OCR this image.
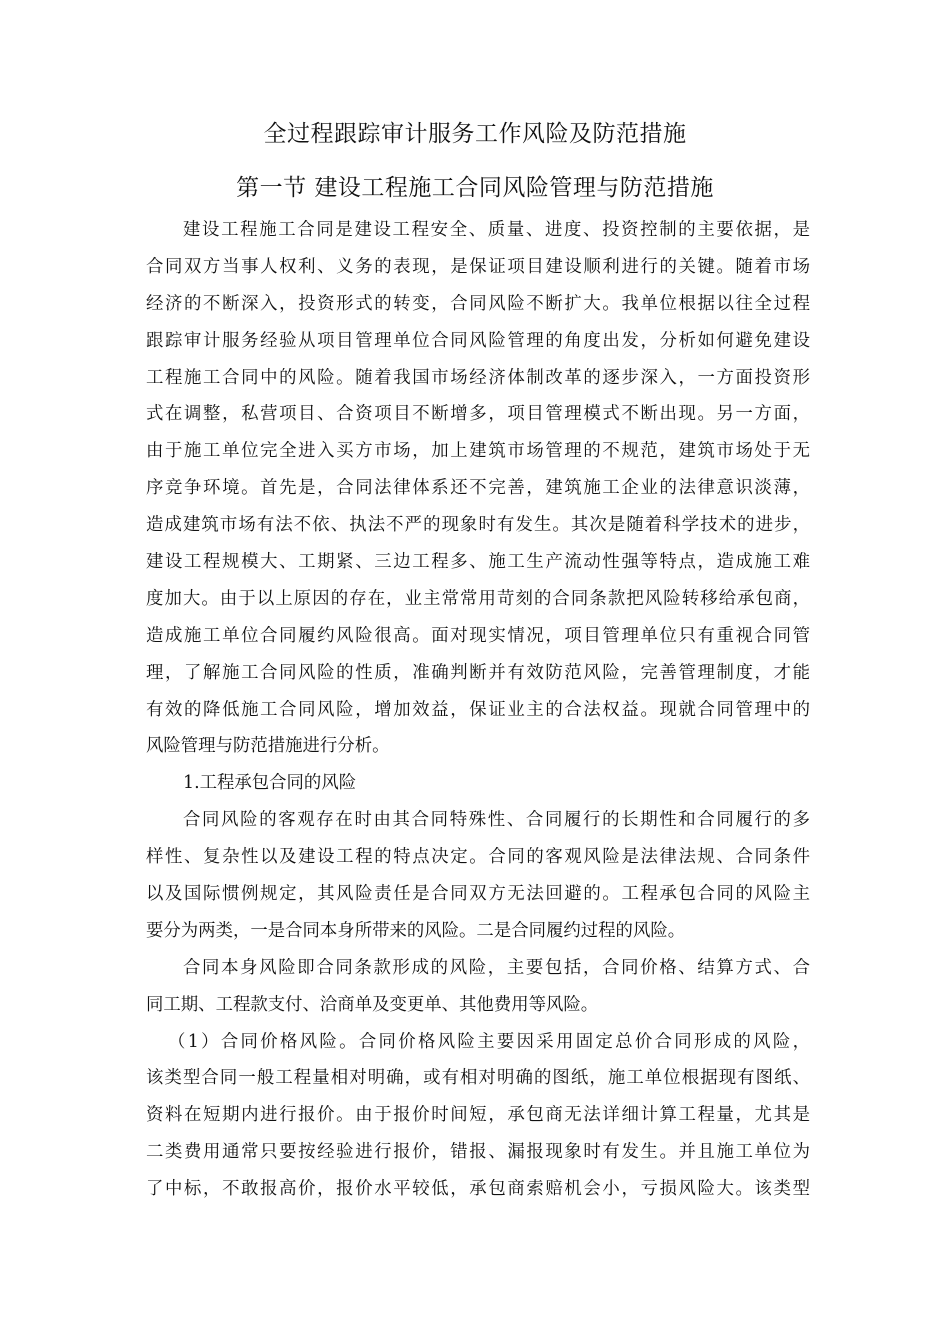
全过程跟踪审计服务工作风险及防范措施
第一节 建设工程施工合同风险管理与防范措施
建设工程施工合同是建设工程安全、质量、进度、投资控制的主要依据，是
合同双方当事人权利、义务的表现，是保证项目建设顺利进行的关键。随着市场
经济的不断深入，投资形式的转变，合同风险不断扩大。我单位根据以往全过程
跟踪审计服务经验从项目管理单位合同风险管理的角度出发，分析如何避免建设
工程施工合同中的风险。随着我国市场经济体制改革的逐步深入，一方面投资形
式在调整，私营项目、合资项目不断增多，项目管理模式不断出现。另一方面，
由于施工单位完全进入买方市场，加上建筑市场管理的不规范，建筑市场处于无
序竞争环境。首先是，合同法律体系还不完善，建筑施工企业的法律意识淡薄，
造成建筑市场有法不依、执法不严的现象时有发生。其次是随着科学技术的进步，
建设工程规模大、工期紧、三边工程多、施工生产流动性强等特点，造成施工难
度加大。由于以上原因的存在，业主常常用苛刻的合同条款把风险转移给承包商，
造成施工单位合同履约风险很高。面对现实情况，项目管理单位只有重视合同管
理，了解施工合同风险的性质，准确判断并有效防范风险，完善管理制度，才能
有效的降低施工合同风险，增加效益，保证业主的合法权益。现就合同管理中的
风险管理与防范措施进行分析。
1.工程承包合同的风险
合同风险的客观存在时由其合同特殊性、合同履行的长期性和合同履行的多
样性、复杂性以及建设工程的特点决定。合同的客观风险是法律法规、合同条件
以及国际惯例规定，其风险责任是合同双方无法回避的。工程承包合同的风险主
要分为两类，一是合同本身所带来的风险。二是合同履约过程的风险。
合同本身风险即合同条款形成的风险，主要包括，合同价格、结算方式、合
同工期、工程款支付、洽商单及变更单、其他费用等风险。
（1）合同价格风险。合同价格风险主要因采用固定总价合同形成的风险，
该类型合同一般工程量相对明确，或有相对明确的图纸，施工单位根据现有图纸、
资料在短期内进行报价。由于报价时间短，承包商无法详细计算工程量，尤其是
二类费用通常只要按经验进行报价，错报、漏报现象时有发生。并且施工单位为
了中标，不敢报高价，报价水平较低，承包商索赔机会小，亏损风险大。该类型
